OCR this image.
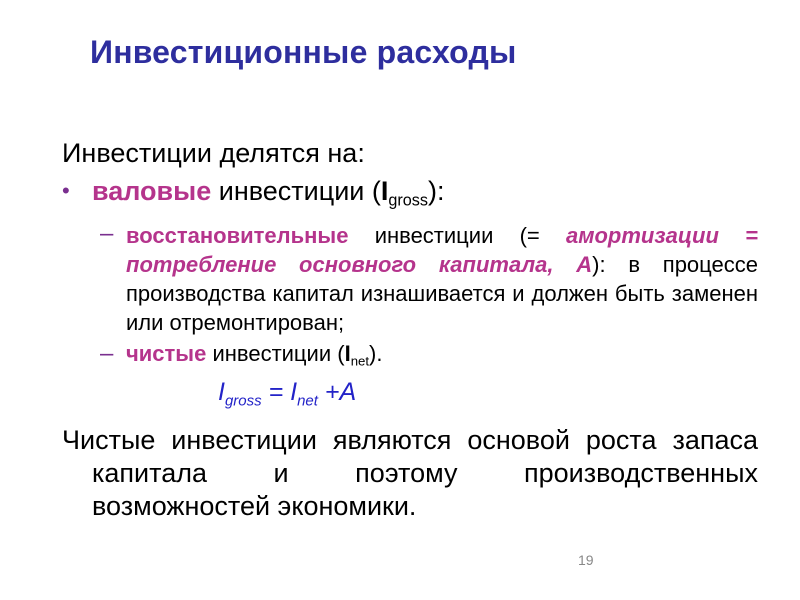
Инвестиционные расходы

Инвестиции делятся на:

• валовые инвестиции $(I_{gross})$:

– восстановительные инвестиции (= амортизации = потребление основного капитала, A): в процессе производства капитал изнашивается и должен быть заменен или отремонтирован;

– чистые инвестиции $(I_{net})$.

$I_{gross} = I_{net} +A$

Чистые инвестиции являются основой роста запаса капитала и поэтому производственных возможностей экономики.

19
